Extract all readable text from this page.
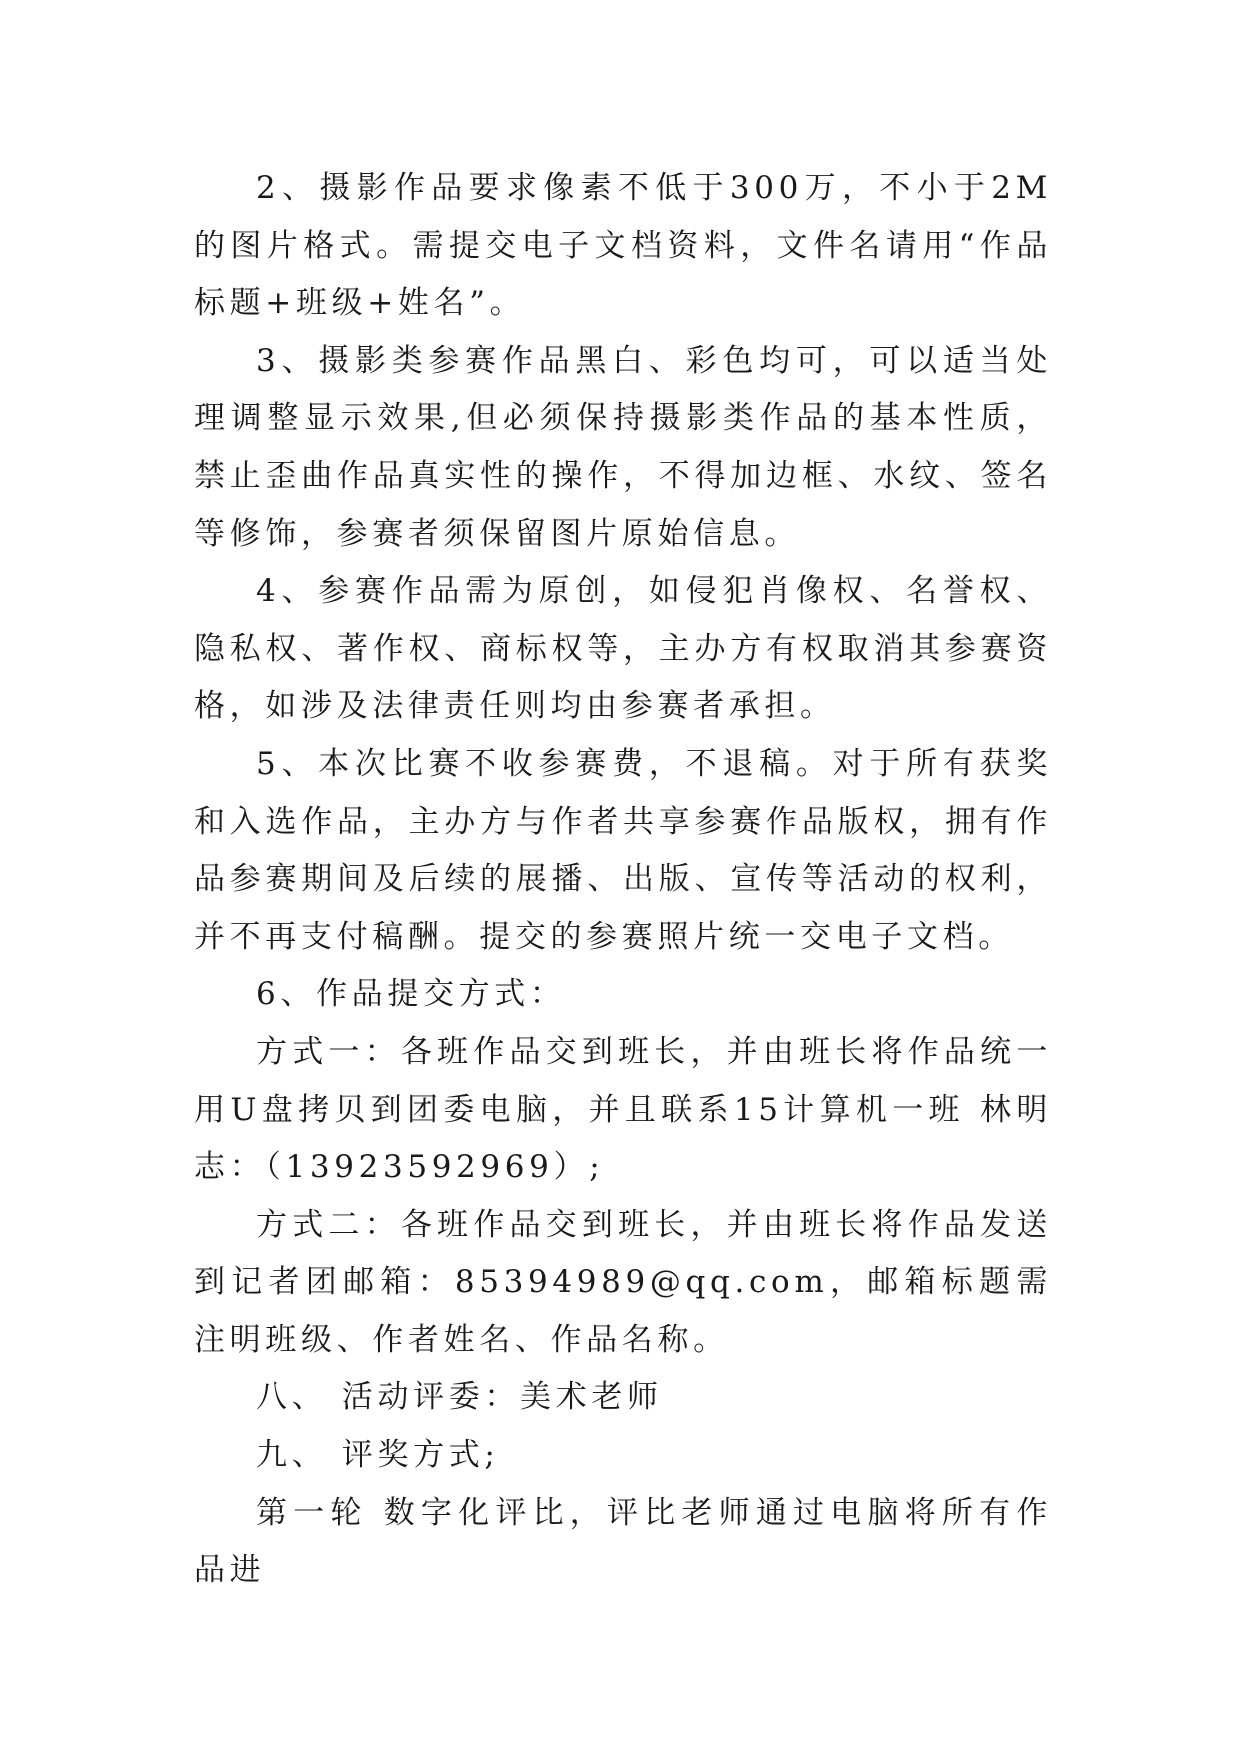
2、摄影作品要求像素不低于300万，不小于2M的图片格式。需提交电子文档资料，文件名请用“作品标题+班级+姓名”。

3、摄影类参赛作品黑白、彩色均可，可以适当处理调整显示效果,但必须保持摄影类作品的基本性质，禁止歪曲作品真实性的操作，不得加边框、水纹、签名等修饰，参赛者须保留图片原始信息。

4、参赛作品需为原创，如侵犯肖像权、名誉权、隐私权、著作权、商标权等，主办方有权取消其参赛资格，如涉及法律责任则均由参赛者承担。

5、本次比赛不收参赛费，不退稿。对于所有获奖和入选作品，主办方与作者共享参赛作品版权，拥有作品参赛期间及后续的展播、出版、宣传等活动的权利，并不再支付稿酬。提交的参赛照片统一交电子文档。

6、作品提交方式：

方式一：各班作品交到班长，并由班长将作品统一用U盘拷贝到团委电脑，并且联系15计算机一班 林明志：（13923592969）;

方式二：各班作品交到班长，并由班长将作品发送到记者团邮箱：85394989@qq.com，邮箱标题需注明班级、作者姓名、作品名称。

八、 活动评委：美术老师

九、 评奖方式;

第一轮 数字化评比，评比老师通过电脑将所有作品进
